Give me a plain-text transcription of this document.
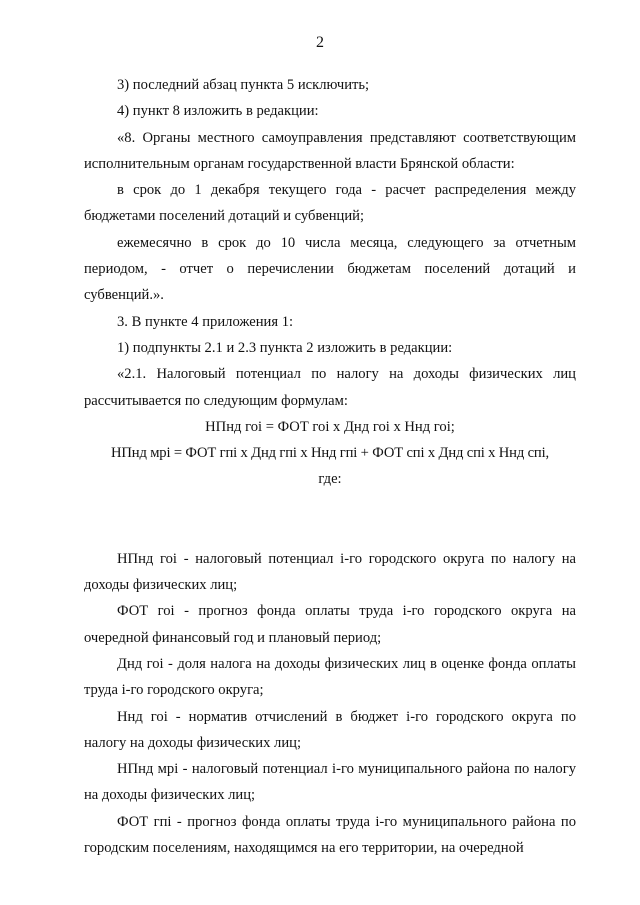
2

3) последний абзац пункта 5 исключить;

4) пункт 8 изложить в редакции:

«8. Органы местного самоуправления представляют соответствующим исполнительным органам государственной власти Брянской области:

в срок до 1 декабря текущего года - расчет распределения между бюджетами поселений дотаций и субвенций;

ежемесячно в срок до 10 числа месяца, следующего за отчетным периодом, - отчет о перечислении бюджетам поселений дотаций и субвенций.».

3. В пункте 4 приложения 1:

1) подпункты 2.1 и 2.3 пункта 2 изложить в редакции:

«2.1. Налоговый потенциал по налогу на доходы физических лиц рассчитывается по следующим формулам:

НПнд гоi = ФОТ гоi х Днд гоi х Ннд гоi;

НПнд мрi = ФОТ гпi х Днд гпi х Ннд гпi + ФОТ спi х Днд спi х Ннд спi,

где:

НПнд гоi - налоговый потенциал i-го городского округа по налогу на доходы физических лиц;

ФОТ гоi - прогноз фонда оплаты труда i-го городского округа на очередной финансовый год и плановый период;

Днд гоi - доля налога на доходы физических лиц в оценке фонда оплаты труда i-го городского округа;

Ннд гоi - норматив отчислений в бюджет i-го городского округа по налогу на доходы физических лиц;

НПнд мрi - налоговый потенциал i-го муниципального района по налогу на доходы физических лиц;

ФОТ гпi - прогноз фонда оплаты труда i-го муниципального района по городским поселениям, находящимся на его территории, на очередной
